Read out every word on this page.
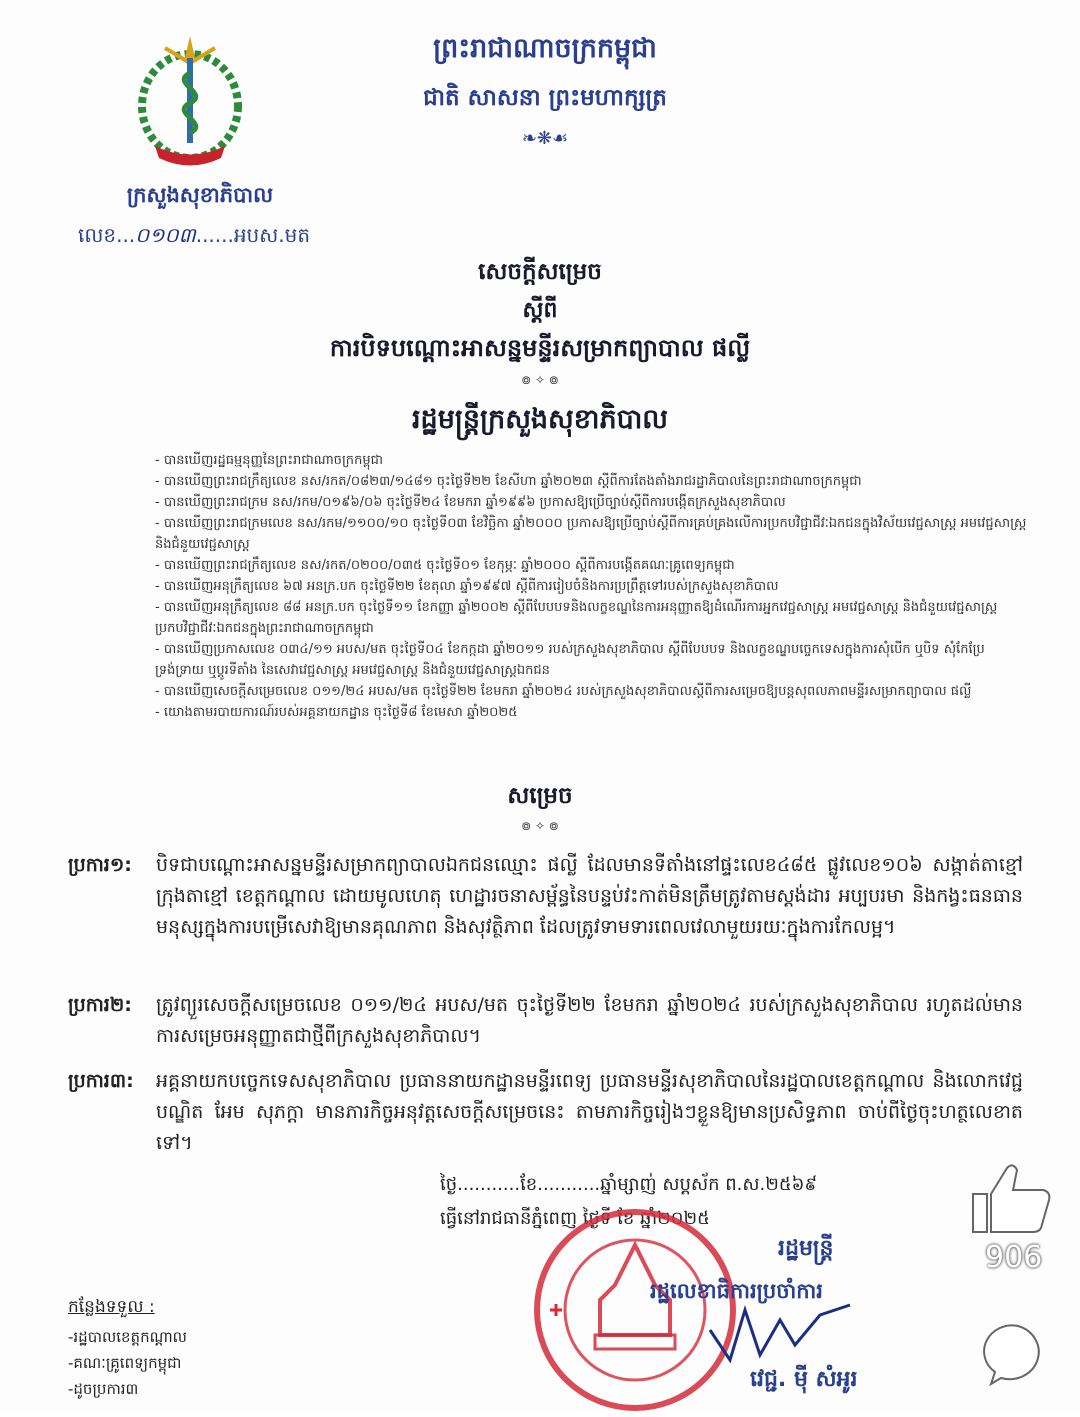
ក្រសួងសុខាភិបាល
លេខ...០១០៣......អបស.មត
ព្រះរាជាណាចក្រកម្ពុជា
ជាតិ សាសនា ព្រះមហាក្សត្រ
❧❋☙
សេចក្តីសម្រេច
ស្តីពី
ការបិទបណ្តោះអាសន្នមន្ទីរសម្រាកព្យាបាល ផល្លី
៙ ✧ ៙
រដ្ឋមន្ត្រីក្រសួងសុខាភិបាល
- បានឃើញរដ្ឋធម្មនុញ្ញនៃព្រះរាជាណាចក្រកម្ពុជា
- បានឃើញព្រះរាជក្រឹត្យលេខ នស/រកត/០៨២៣/១៤៨១ ចុះថ្ងៃទី២២ ខែសីហា ឆ្នាំ២០២៣ ស្តីពីការតែងតាំងរាជរដ្ឋាភិបាលនៃព្រះរាជាណាចក្រកម្ពុជា
- បានឃើញព្រះរាជក្រម នស/រកម/០១៩៦/០៦ ចុះថ្ងៃទី២៤ ខែមករា ឆ្នាំ១៩៩៦ ប្រកាសឱ្យប្រើច្បាប់ស្តីពីការបង្កើតក្រសួងសុខាភិបាល
- បានឃើញព្រះរាជក្រមលេខ នស/រកម/១១០០/១០ ចុះថ្ងៃទី០៣ ខែវិច្ឆិកា ឆ្នាំ២០០០ ប្រកាសឱ្យប្រើច្បាប់ស្តីពីការគ្រប់គ្រងលើការប្រកបវិជ្ជាជីវៈឯកជនក្នុងវិស័យវេជ្ជសាស្ត្រ អមវេជ្ជសាស្ត្រ និងជំនួយវេជ្ជសាស្ត្រ
- បានឃើញព្រះរាជក្រឹត្យលេខ នស/រកត/០២០០/០៣៥ ចុះថ្ងៃទី០១ ខែកុម្ភៈ ឆ្នាំ២០០០ ស្តីពីការបង្កើតគណៈគ្រូពេទ្យកម្ពុជា
- បានឃើញអនុក្រឹត្យលេខ ៦៧ អនក្រ.បក ចុះថ្ងៃទី២២ ខែតុលា ឆ្នាំ១៩៩៧ ស្តីពីការរៀបចំនិងការប្រព្រឹត្តទៅរបស់ក្រសួងសុខាភិបាល
- បានឃើញអនុក្រឹត្យលេខ ៨៨ អនក្រ.បក ចុះថ្ងៃទី១១ ខែកញ្ញា ឆ្នាំ២០០២ ស្តីពីបែបបទនិងលក្ខខណ្ឌនៃការអនុញ្ញាតឱ្យដំណើរការអ្នកវេជ្ជសាស្ត្រ អមវេជ្ជសាស្ត្រ និងជំនួយវេជ្ជសាស្ត្រ ប្រកបវិជ្ជាជីវៈឯកជនក្នុងព្រះរាជាណាចក្រកម្ពុជា
- បានឃើញប្រកាសលេខ ០៣៤/១១ អបស/មត ចុះថ្ងៃទី០៤ ខែកក្កដា ឆ្នាំ២០១១ របស់ក្រសួងសុខាភិបាល ស្តីពីបែបបទ និងលក្ខខណ្ឌបច្ចេកទេសក្នុងការសុំបើក ឬបិទ សុំកែប្រែទ្រង់ទ្រាយ ឬប្តូរទីតាំង នៃសេវាវេជ្ជសាស្ត្រ អមវេជ្ជសាស្ត្រ និងជំនួយវេជ្ជសាស្ត្រឯកជន
- បានឃើញសេចក្តីសម្រេចលេខ ០១១/២៤ អបស/មត ចុះថ្ងៃទី២២ ខែមករា ឆ្នាំ២០២៤ របស់ក្រសួងសុខាភិបាលស្តីពីការសម្រេចឱ្យបន្តសុពលភាពមន្ទីរសម្រាកព្យាបាល ផល្លី
- យោងតាមរបាយការណ៍របស់អគ្គនាយកដ្ឋាន ចុះថ្ងៃទី៨ ខែមេសា ឆ្នាំ២០២៥
សម្រេច
៙ ✧ ៙
ប្រការ១:	បិទជាបណ្តោះអាសន្នមន្ទីរសម្រាកព្យាបាលឯកជនឈ្មោះ ផល្លី ដែលមានទីតាំងនៅផ្ទះលេខ៤៨៥ ផ្លូវលេខ១០៦ សង្កាត់តាខ្មៅ ក្រុងតាខ្មៅ ខេត្តកណ្តាល ដោយមូលហេតុ ហេដ្ឋារចនាសម្ព័ន្ធនៃបន្ទប់វះកាត់មិនត្រឹមត្រូវតាមស្តង់ដារ អប្បបរមា និងកង្វះធនធានមនុស្សក្នុងការបម្រើសេវាឱ្យមានគុណភាព និងសុវត្ថិភាព ដែលត្រូវទាមទារពេលវេលាមួយរយៈក្នុងការកែលម្អ។
ប្រការ២:	ត្រូវព្យួរសេចក្តីសម្រេចលេខ ០១១/២៤ អបស/មត ចុះថ្ងៃទី២២ ខែមករា ឆ្នាំ២០២៤ របស់ក្រសួងសុខាភិបាល រហូតដល់មានការសម្រេចអនុញ្ញាតជាថ្មីពីក្រសួងសុខាភិបាល។
ប្រការ៣:	អគ្គនាយកបច្ចេកទេសសុខាភិបាល ប្រធាននាយកដ្ឋានមន្ទីរពេទ្យ ប្រធានមន្ទីរសុខាភិបាលនៃរដ្ឋបាលខេត្តកណ្តាល និងលោកវេជ្ជបណ្ឌិត អែម សុភក្តា មានភារកិច្ចអនុវត្តសេចក្តីសម្រេចនេះ តាមភារកិច្ចរៀងៗខ្លួនឱ្យមានប្រសិទ្ធភាព ចាប់ពីថ្ងៃចុះហត្ថលេខាតទៅ។
ថ្ងៃ...........ខែ...........ឆ្នាំម្សាញ់ សប្តស័ក ព.ស.២៥៦៩
ធ្វើនៅរាជធានីភ្នំពេញ ថ្ងៃទី ខែ ឆ្នាំ២០២៥
រដ្ឋមន្ត្រី
រដ្ឋលេខាធិការប្រចាំការ
វេជ្ជ. ម៉ី សំអូរ
កន្លែងទទួល :
-រដ្ឋបាលខេត្តកណ្តាល
-គណៈគ្រូពេទ្យកម្ពុជា
-ដូចប្រការ៣
906
